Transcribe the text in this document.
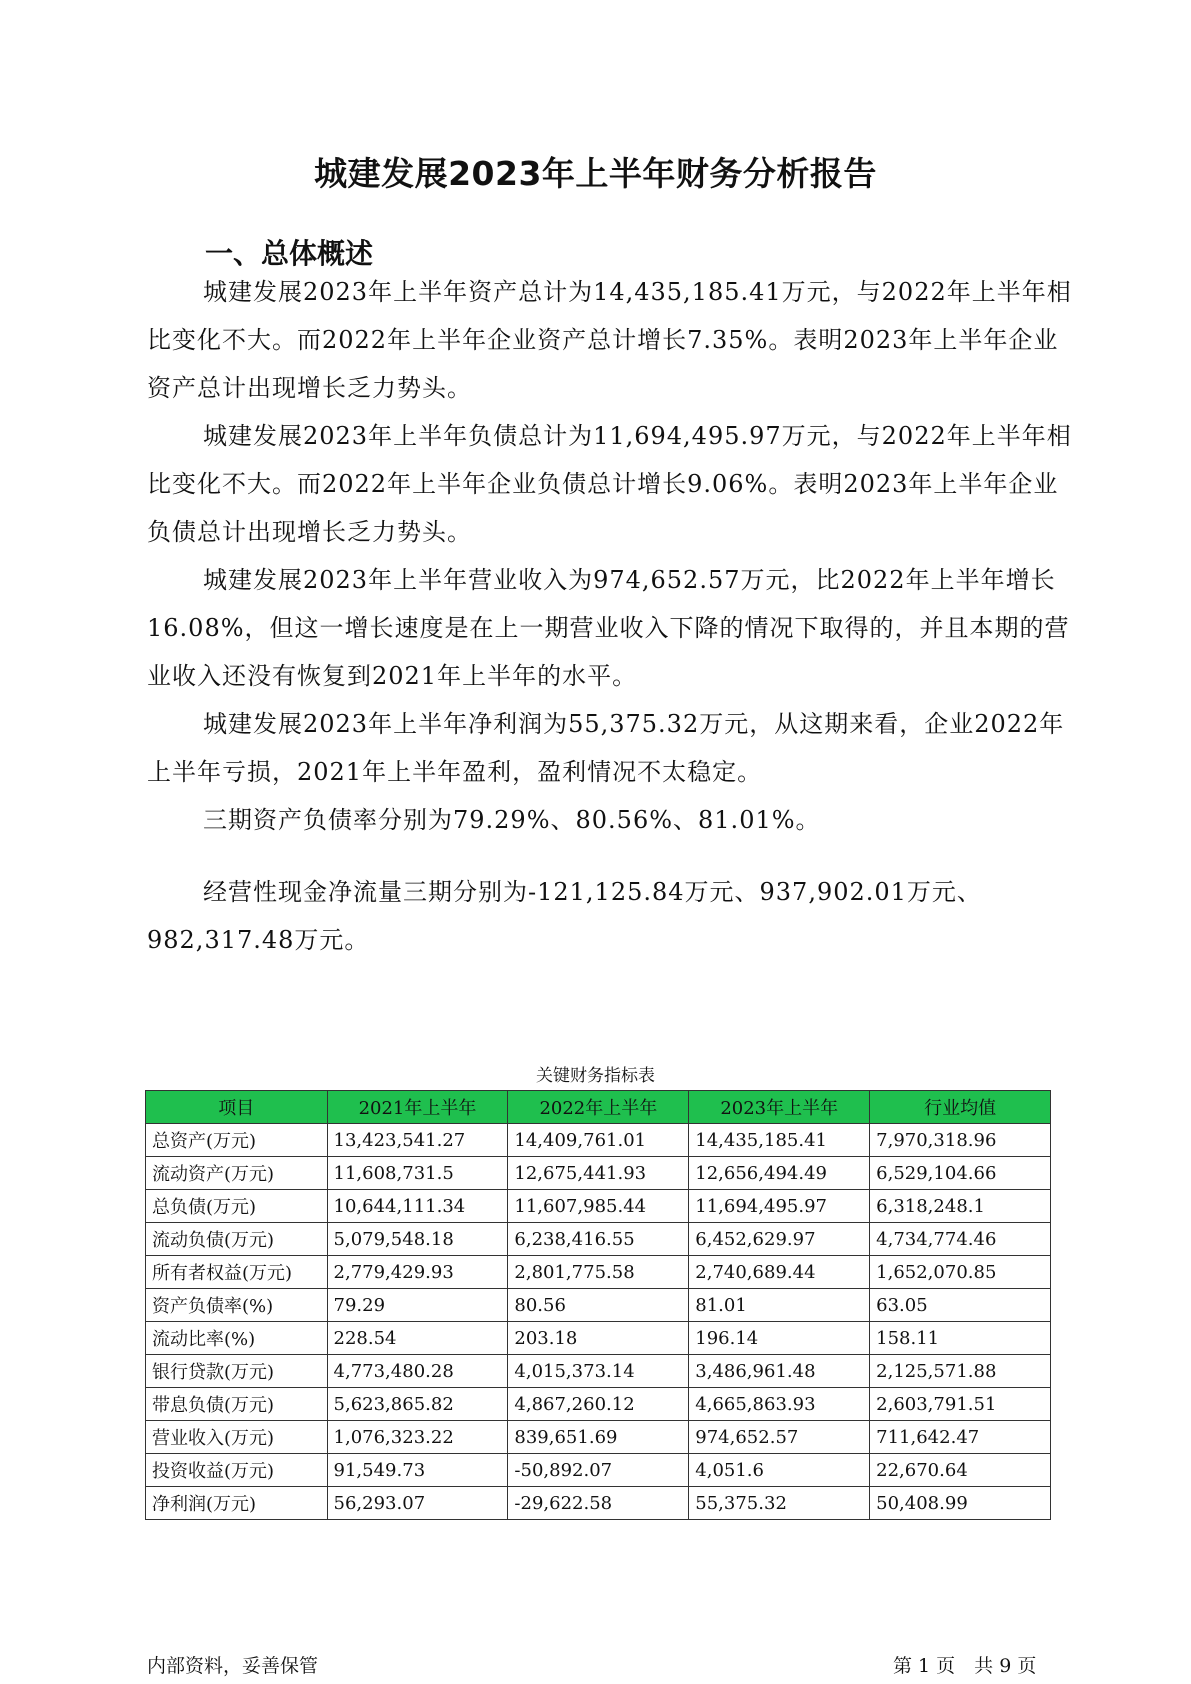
城建发展2023年上半年财务分析报告
一、总体概述

城建发展2023年上半年资产总计为14,435,185.41万元，与2022年上半年相比变化不大。而2022年上半年企业资产总计增长7.35%。表明2023年上半年企业资产总计出现增长乏力势头。

城建发展2023年上半年负债总计为11,694,495.97万元，与2022年上半年相比变化不大。而2022年上半年企业负债总计增长9.06%。表明2023年上半年企业负债总计出现增长乏力势头。

城建发展2023年上半年营业收入为974,652.57万元，比2022年上半年增长16.08%，但这一增长速度是在上一期营业收入下降的情况下取得的，并且本期的营业收入还没有恢复到2021年上半年的水平。

城建发展2023年上半年净利润为55,375.32万元，从这期来看，企业2022年上半年亏损，2021年上半年盈利，盈利情况不太稳定。

三期资产负债率分别为79.29%、80.56%、81.01%。

经营性现金净流量三期分别为-121,125.84万元、937,902.01万元、982,317.48万元。

关键财务指标表
项目	2021年上半年	2022年上半年	2023年上半年	行业均值
总资产(万元)	13,423,541.27	14,409,761.01	14,435,185.41	7,970,318.96
流动资产(万元)	11,608,731.5	12,675,441.93	12,656,494.49	6,529,104.66
总负债(万元)	10,644,111.34	11,607,985.44	11,694,495.97	6,318,248.1
流动负债(万元)	5,079,548.18	6,238,416.55	6,452,629.97	4,734,774.46
所有者权益(万元)	2,779,429.93	2,801,775.58	2,740,689.44	1,652,070.85
资产负债率(%)	79.29	80.56	81.01	63.05
流动比率(%)	228.54	203.18	196.14	158.11
银行贷款(万元)	4,773,480.28	4,015,373.14	3,486,961.48	2,125,571.88
带息负债(万元)	5,623,865.82	4,867,260.12	4,665,863.93	2,603,791.51
营业收入(万元)	1,076,323.22	839,651.69	974,652.57	711,642.47
投资收益(万元)	91,549.73	-50,892.07	4,051.6	22,670.64
净利润(万元)	56,293.07	-29,622.58	55,375.32	50,408.99
内部资料，妥善保管	第 1 页　共 9 页
